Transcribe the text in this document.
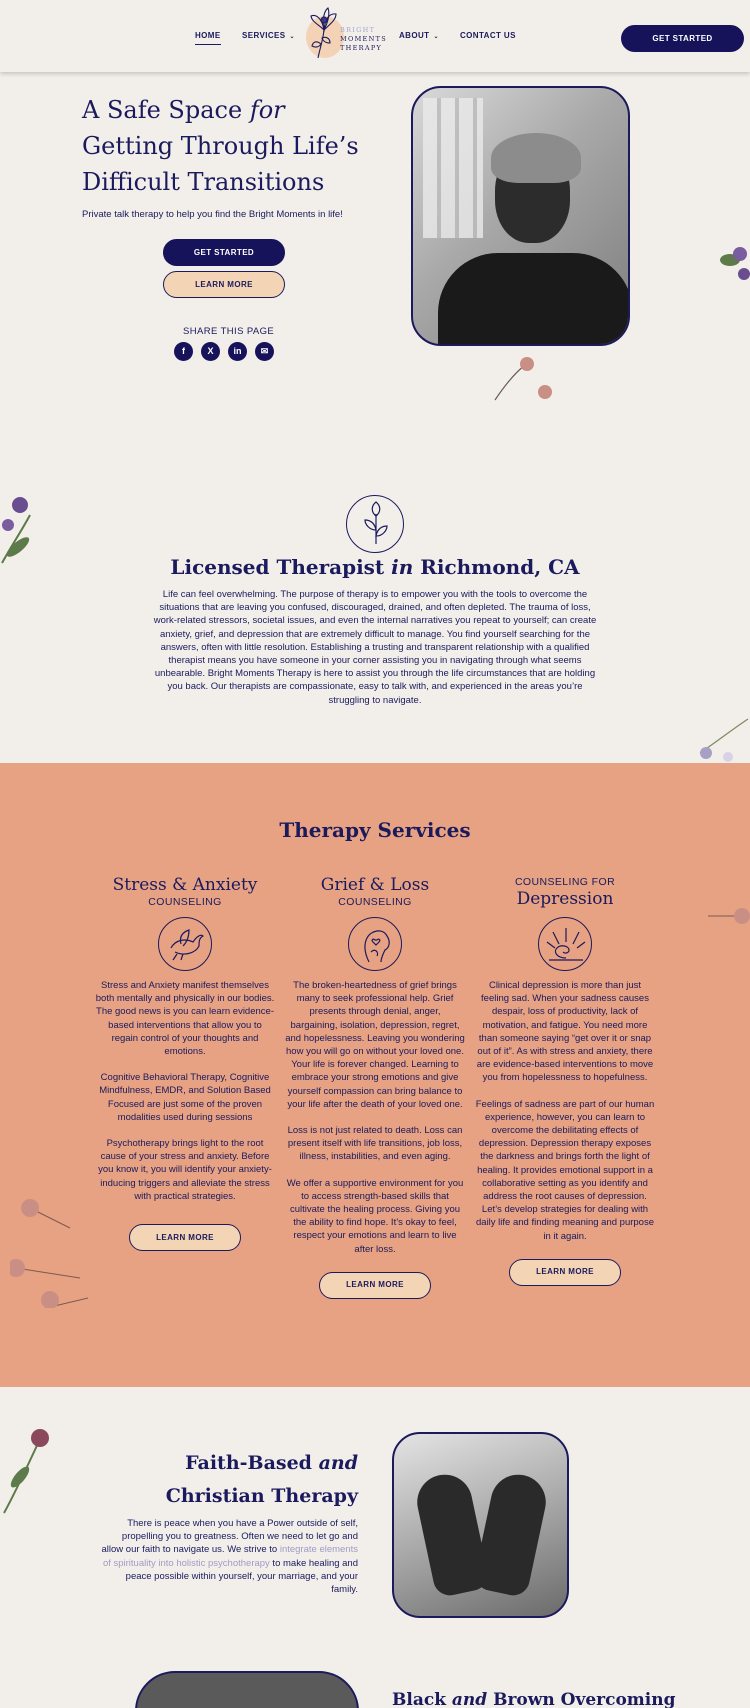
HOME	SERVICES ⌄
BRIGHT
MOMENTS
THERAPY
ABOUT ⌄	CONTACT US	GET STARTED
A Safe Space for Getting Through Life’s Difficult Transitions

Private talk therapy to help you find the Bright Moments in life!

GET STARTED
LEARN MORE
SHARE THIS PAGE
f	X	in	✉
Licensed Therapist in Richmond, CA

Life can feel overwhelming. The purpose of therapy is to empower you with the tools to overcome the situations that are leaving you confused, discouraged, drained, and often depleted. The trauma of loss, work-related stressors, societal issues, and even the internal narratives you repeat to yourself; can create anxiety, grief, and depression that are extremely difficult to manage. You find yourself searching for the answers, often with little resolution. Establishing a trusting and transparent relationship with a qualified therapist means you have someone in your corner assisting you in navigating through what seems unbearable. Bright Moments Therapy is here to assist you through the life circumstances that are holding you back. Our therapists are compassionate, easy to talk with, and experienced in the areas you’re struggling to navigate.

Therapy Services
Stress & Anxiety
COUNSELING

Stress and Anxiety manifest themselves both mentally and physically in our bodies. The good news is you can learn evidence-based interventions that allow you to regain control of your thoughts and emotions.

Cognitive Behavioral Therapy, Cognitive Mindfulness, EMDR, and Solution Based Focused are just some of the proven modalities used during sessions

Psychotherapy brings light to the root cause of your stress and anxiety. Before you know it, you will identify your anxiety-inducing triggers and alleviate the stress with practical strategies.

LEARN MORE
Grief & Loss
COUNSELING

The broken-heartedness of grief brings many to seek professional help. Grief presents through denial, anger, bargaining, isolation, depression, regret, and hopelessness. Leaving you wondering how you will go on without your loved one. Your life is forever changed. Learning to embrace your strong emotions and give yourself compassion can bring balance to your life after the death of your loved one.

Loss is not just related to death. Loss can present itself with life transitions, job loss, illness, instabilities, and even aging.

We offer a supportive environment for you to access strength-based skills that cultivate the healing process. Giving you the ability to find hope. It’s okay to feel, respect your emotions and learn to live after loss.

LEARN MORE
COUNSELING FOR
Depression

Clinical depression is more than just feeling sad. When your sadness causes despair, loss of productivity, lack of motivation, and fatigue. You need more than someone saying “get over it or snap out of it”. As with stress and anxiety, there are evidence-based interventions to move you from hopelessness to hopefulness.

Feelings of sadness are part of our human experience, however, you can learn to overcome the debilitating effects of depression. Depression therapy exposes the darkness and brings forth the light of healing. It provides emotional support in a collaborative setting as you identify and address the root causes of depression. Let’s develop strategies for dealing with daily life and finding meaning and purpose in it again.

LEARN MORE
Faith-Based and Christian Therapy

There is peace when you have a Power outside of self, propelling you to greatness. Often we need to let go and allow our faith to navigate us. We strive to integrate elements of spirituality into holistic psychotherapy to make healing and peace possible within yourself, your marriage, and your family.

Black and Brown Overcoming
